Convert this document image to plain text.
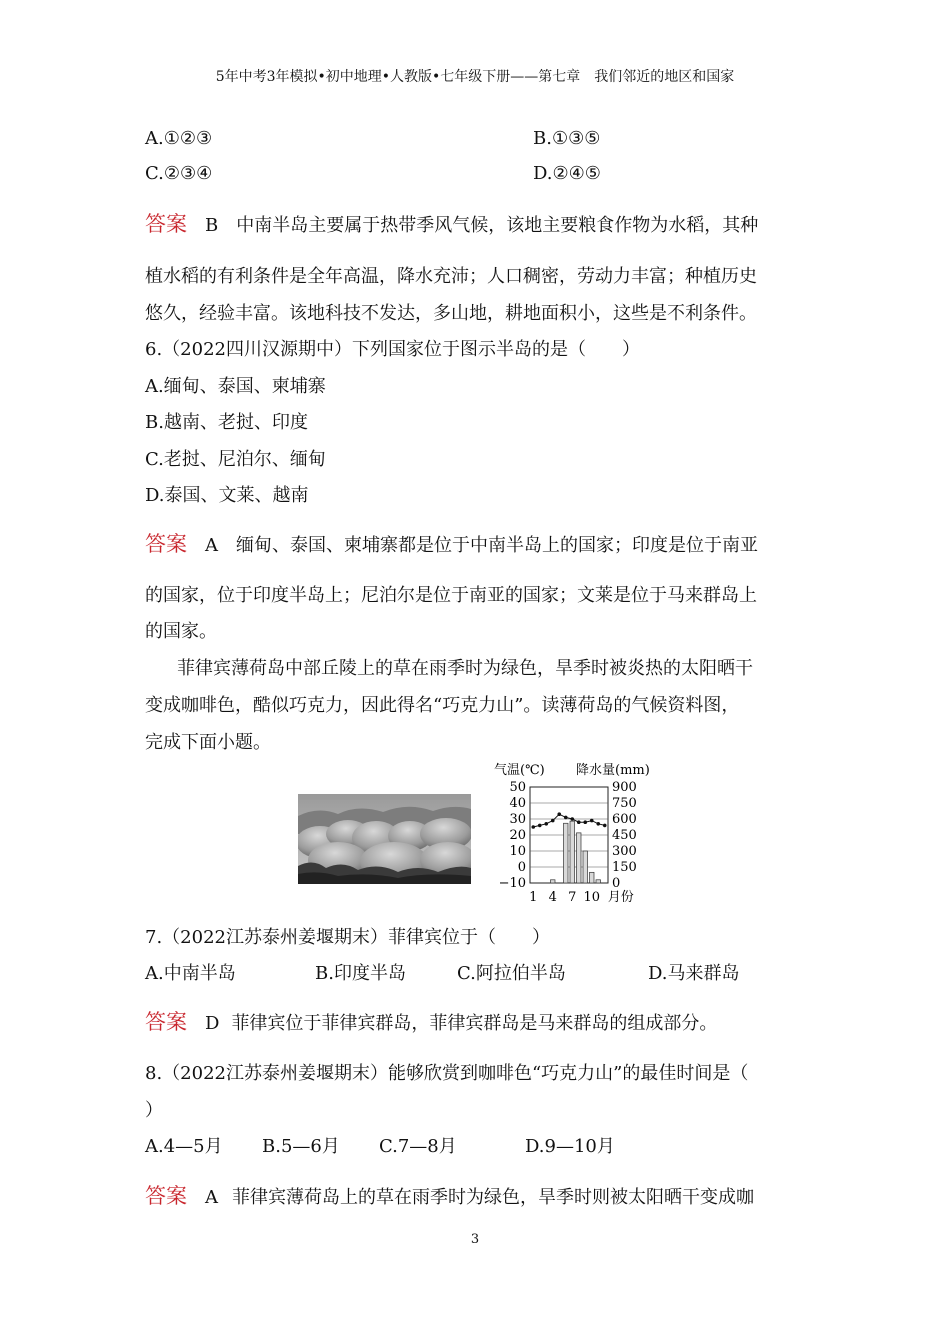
5年中考3年模拟•初中地理•人教版•七年级下册——第七章　我们邻近的地区和国家
A.①②③	B.①③⑤
C.②③④	D.②④⑤
答案 B 中南半岛主要属于热带季风气候，该地主要粮食作物为水稻，其种
植水稻的有利条件是全年高温，降水充沛；人口稠密，劳动力丰富；种植历史
悠久，经验丰富。该地科技不发达，多山地，耕地面积小，这些是不利条件。
6.（2022四川汉源期中）下列国家位于图示半岛的是（　　）
A.缅甸、泰国、柬埔寨
B.越南、老挝、印度
C.老挝、尼泊尔、缅甸
D.泰国、文莱、越南
答案 A 缅甸、泰国、柬埔寨都是位于中南半岛上的国家；印度是位于南亚
的国家，位于印度半岛上；尼泊尔是位于南亚的国家；文莱是位于马来群岛上
的国家。
菲律宾薄荷岛中部丘陵上的草在雨季时为绿色，旱季时被炎热的太阳晒干
变成咖啡色，酷似巧克力，因此得名“巧克力山”。读薄荷岛的气候资料图，
完成下面小题。
气温(℃) 降水量(mm)
50
40
30
20
10
0
−10
900
750
600
450
300
150
0
1 4 7 10 月份
7.（2022江苏泰州姜堰期末）菲律宾位于（　　）
A.中南半岛	B.印度半岛	C.阿拉伯半岛	D.马来群岛
答案 D 菲律宾位于菲律宾群岛，菲律宾群岛是马来群岛的组成部分。
8.（2022江苏泰州姜堰期末）能够欣赏到咖啡色“巧克力山”的最佳时间是（
）
A.4—5月 B.5—6月 C.7—8月	D.9—10月
答案 A 菲律宾薄荷岛上的草在雨季时为绿色，旱季时则被太阳晒干变成咖
3
